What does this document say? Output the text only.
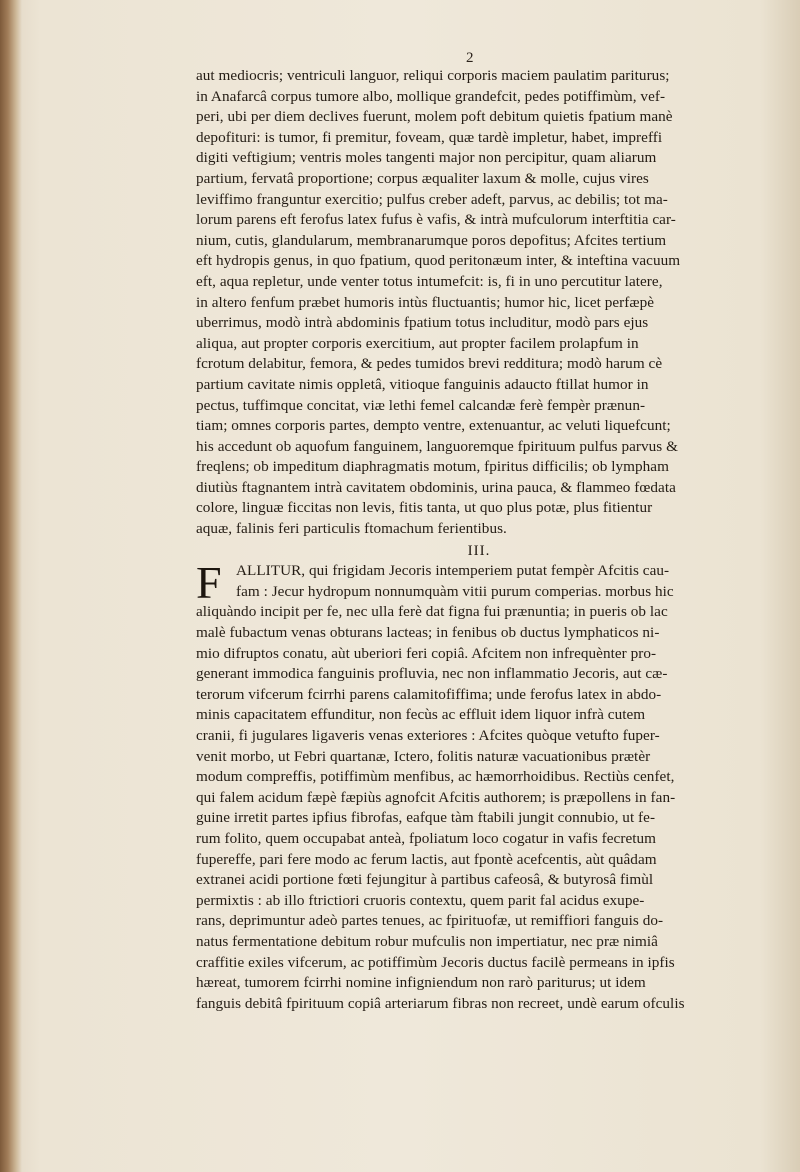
2
aut mediocris; ventriculi languor, reliqui corporis maciem paulatim pariturus;
in Anafarcâ corpus tumore albo, mollique grandefcit, pedes potiffimùm, vef-
peri, ubi per diem declives fuerunt, molem poft debitum quietis fpatium manè
depofituri: is tumor, fi premitur, foveam, quæ tardè impletur, habet, impreffi
digiti veftigium; ventris moles tangenti major non percipitur, quam aliarum
partium, fervatâ proportione; corpus æqualiter laxum & molle, cujus vires
leviffimo franguntur exercitio; pulfus creber adeft, parvus, ac debilis; tot ma-
lorum parens eft ferofus latex fufus è vafis, & intrà mufculorum interftitia car-
nium, cutis, glandularum, membranarumque poros depofitus; Afcites tertium
eft hydropis genus, in quo fpatium, quod peritonæum inter, & inteftina vacuum
eft, aqua repletur, unde venter totus intumefcit: is, fi in uno percutitur latere,
in altero fenfum præbet humoris intùs fluctuantis; humor hic, licet perfæpè
uberrimus, modò intrà abdominis fpatium totus includitur, modò pars ejus
aliqua, aut propter corporis exercitium, aut propter facilem prolapfum in
fcrotum delabitur, femora, & pedes tumidos brevi redditura; modò harum cè
partium cavitate nimis oppletâ, vitioque fanguinis adaucto ftillat humor in
pectus, tuffimque concitat, viæ lethi femel calcandæ ferè fempèr prænun-
tiam; omnes corporis partes, dempto ventre, extenuantur, ac veluti liquefcunt;
his accedunt ob aquofum fanguinem, languoremque fpirituum pulfus parvus &
freqlens; ob impeditum diaphragmatis motum, fpiritus difficilis; ob lympham
diutiùs ftagnantem intrà cavitatem obdominis, urina pauca, & flammeo fœdata
colore, linguæ ficcitas non levis, fitis tanta, ut quo plus potæ, plus fitientur
aquæ, falinis feri particulis ftomachum ferientibus.
III.
F ALLITUR, qui frigidam Jecoris intemperiem putat fempèr Afcitis cau-
fam : Jecur hydropum nonnumquàm vitii purum comperias. morbus hic
aliquàndo incipit per fe, nec ulla ferè dat figna fui prænuntia; in pueris ob lac
malè fubactum venas obturans lacteas; in fenibus ob ductus lymphaticos ni-
mio difruptos conatu, aùt uberiori feri copiâ. Afcitem non infrequènter pro-
generant immodica fanguinis profluvia, nec non inflammatio Jecoris, aut cæ-
terorum vifcerum fcirrhi parens calamitofiffima; unde ferofus latex in abdo-
minis capacitatem effunditur, non fecùs ac effluit idem liquor infrà cutem
cranii, fi jugulares ligaveris venas exteriores : Afcites quòque vetufto fuper-
venit morbo, ut Febri quartanæ, Ictero, folitis naturæ vacuationibus prætèr
modum compreffis, potiffimùm menfibus, ac hæmorrhoidibus. Rectiùs cenfet,
qui falem acidum fæpè fæpiùs agnofcit Afcitis authorem; is præpollens in fan-
guine irretit partes ipfius fibrofas, eafque tàm ftabili jungit connubio, ut fe-
rum folito, quem occupabat anteà, fpoliatum loco cogatur in vafis fecretum
fupereffe, pari fere modo ac ferum lactis, aut fpontè acefcentis, aùt quâdam
extranei acidi portione fœti fejungitur à partibus cafeosâ, & butyrosâ fimùl
permixtis : ab illo ftrictiori cruoris contextu, quem parit fal acidus exupe-
rans, deprimuntur adeò partes tenues, ac fpirituofæ, ut remiffiori fanguis do-
natus fermentatione debitum robur mufculis non impertiatur, nec præ nimiâ
craffitie exiles vifcerum, ac potiffimùm Jecoris ductus facilè permeans in ipfis
hæreat, tumorem fcirrhi nomine infigniendum non rarò pariturus; ut idem
fanguis debitâ fpirituum copiâ arteriarum fibras non recreet, undè earum ofculis
